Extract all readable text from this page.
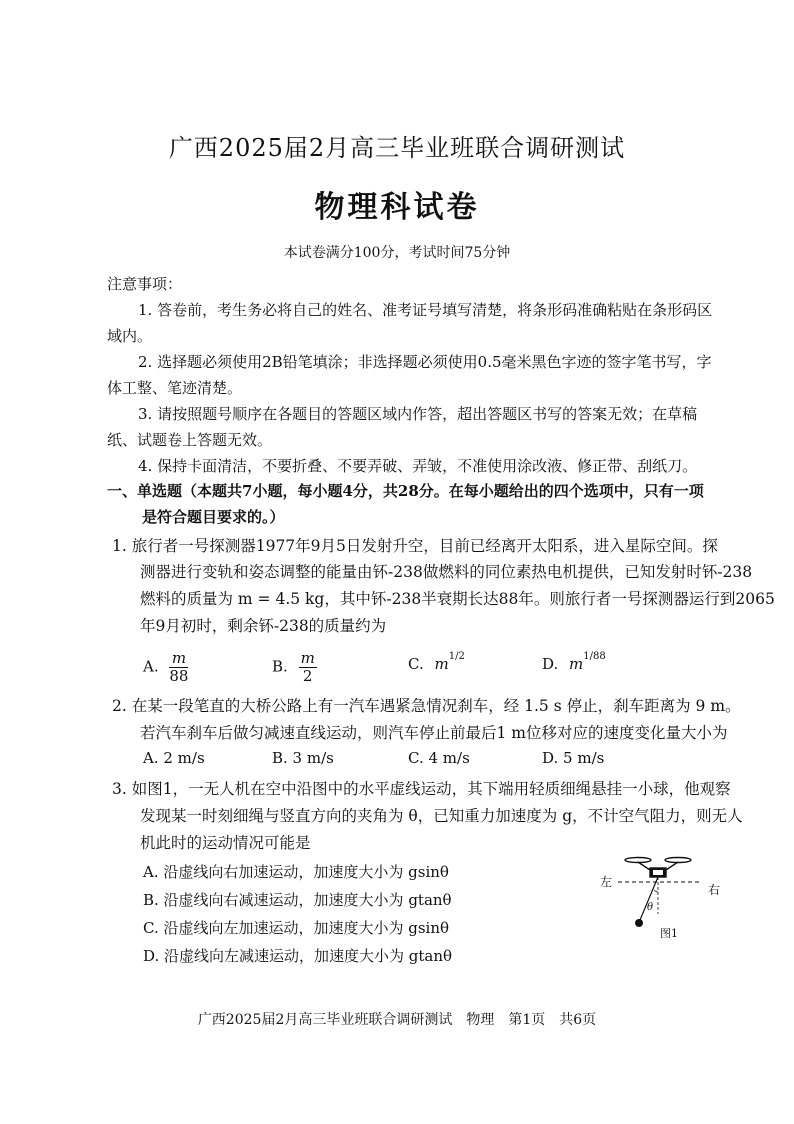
广西2025届2月高三毕业班联合调研测试
物理科试卷
本试卷满分100分，考试时间75分钟
注意事项：
1. 答卷前，考生务必将自己的姓名、准考证号填写清楚，将条形码准确粘贴在条形码区
域内。
2. 选择题必须使用2B铅笔填涂；非选择题必须使用0.5毫米黑色字迹的签字笔书写，字
体工整、笔迹清楚。
3. 请按照题号顺序在各题目的答题区域内作答，超出答题区书写的答案无效；在草稿
纸、试题卷上答题无效。
4. 保持卡面清洁，不要折叠、不要弄破、弄皱，不准使用涂改液、修正带、刮纸刀。
一、单选题（本题共7小题，每小题4分，共28分。在每小题给出的四个选项中，只有一项
是符合题目要求的。）
1. 旅行者一号探测器1977年9月5日发射升空，目前已经离开太阳系，进入星际空间。探
测器进行变轨和姿态调整的能量由钚-238做燃料的同位素热电机提供，已知发射时钚-238
燃料的质量为 m = 4.5 kg，其中钚-238半衰期长达88年。则旅行者一号探测器运行到2065
年9月初时，剩余钚-238的质量约为
A. $\frac{m}{88}$	B. $\frac{m}{2}$	C. $m^{1/2}$	D. $m^{1/88}$
2. 在某一段笔直的大桥公路上有一汽车遇紧急情况刹车，经 1.5 s 停止，刹车距离为 9 m。
若汽车刹车后做匀减速直线运动，则汽车停止前最后1 m位移对应的速度变化量大小为
A. 2 m/s	B. 3 m/s	C. 4 m/s	D. 5 m/s
3. 如图1，一无人机在空中沿图中的水平虚线运动，其下端用轻质细绳悬挂一小球，他观察
发现某一时刻细绳与竖直方向的夹角为 θ，已知重力加速度为 g，不计空气阻力，则无人
机此时的运动情况可能是
A. 沿虚线向右加速运动，加速度大小为 gsinθ
B. 沿虚线向右减速运动，加速度大小为 gtanθ
C. 沿虚线向左加速运动，加速度大小为 gsinθ
D. 沿虚线向左减速运动，加速度大小为 gtanθ
左
右
θ
图1
广西2025届2月高三毕业班联合调研测试　物理　第1页　共6页
